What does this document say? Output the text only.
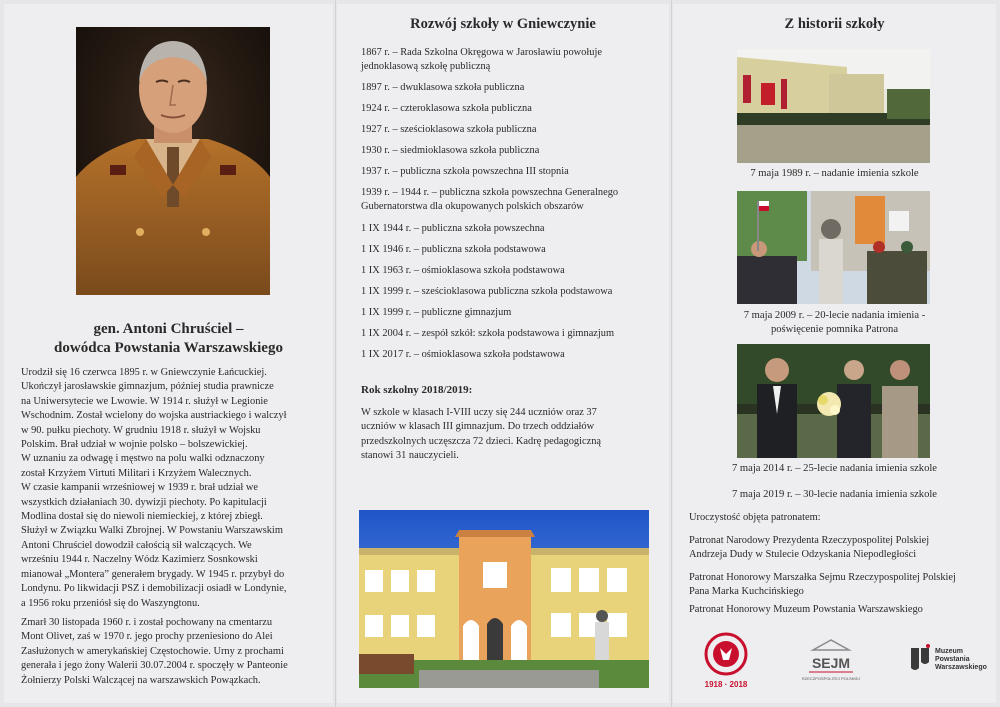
gen. Antoni Chruściel –
dowódca Powstania Warszawskiego
Urodził się 16 czerwca 1895 r. w Gniewczynie Łańcuckiej.
Ukończył jarosławskie gimnazjum, później studia prawnicze
na Uniwersytecie we Lwowie. W 1914 r. służył w Legionie
Wschodnim. Został wcielony do wojska austriackiego i walczył
w 90. pułku piechoty. W grudniu 1918 r. służył w Wojsku
Polskim. Brał udział w wojnie polsko – bolszewickiej.
W uznaniu za odwagę i męstwo na polu walki odznaczony
został Krzyżem Virtuti Militari i Krzyżem Walecznych.
W czasie kampanii wrześniowej w 1939 r. brał udział we
wszystkich działaniach 30. dywizji piechoty. Po kapitulacji
Modlina dostał się do niewoli niemieckiej, z której zbiegł.
Służył w Związku Walki Zbrojnej. W Powstaniu Warszawskim
Antoni Chruściel dowodził całością sił walczących. We
wrześniu 1944 r. Naczelny Wódz Kazimierz Sosnkowski
mianował „Montera” generałem brygady. W 1945 r. przybył do
Londynu. Po likwidacji PSZ i demobilizacji osiadł w Londynie,
a 1956 roku przeniósł się do Waszyngtonu.
Zmarł 30 listopada 1960 r. i został pochowany na cmentarzu
Mont Olivet, zaś w 1970 r. jego prochy przeniesiono do Alei
Zasłużonych w amerykańskiej Częstochowie. Urny z prochami
generała i jego żony Walerii 30.07.2004 r. spoczęły w Panteonie
Żołnierzy Polski Walczącej na warszawskich Powązkach.
Rozwój szkoły w Gniewczynie
1867 r. – Rada Szkolna Okręgowa w Jarosławiu powołuje jednoklasową szkołę publiczną
1897 r. – dwuklasowa szkoła publiczna
1924 r. – czteroklasowa szkoła publiczna
1927 r. – sześcioklasowa szkoła publiczna
1930 r. – siedmioklasowa szkoła publiczna
1937 r. – publiczna szkoła powszechna III stopnia
1939 r. – 1944 r. – publiczna szkoła powszechna Generalnego Gubernatorstwa dla okupowanych polskich obszarów
1 IX 1944 r. – publiczna szkoła powszechna
1 IX 1946 r. – publiczna szkoła podstawowa
1 IX 1963 r. – ośmioklasowa szkoła podstawowa
1 IX 1999 r. – sześcioklasowa publiczna szkoła podstawowa
1 IX 1999 r. – publiczne gimnazjum
1 IX 2004 r. – zespół szkół: szkoła podstawowa i gimnazjum
1 IX 2017 r. – ośmioklasowa szkoła podstawowa
Rok szkolny 2018/2019:
W szkole w klasach I-VIII uczy się 244 uczniów oraz 37
uczniów w klasach III gimnazjum. Do trzech oddziałów
przedszkolnych uczęszcza 72 dzieci. Kadrę pedagogiczną
stanowi 31 nauczycieli.
Z historii szkoły
7 maja 1989 r. – nadanie imienia szkole
7 maja 2009 r. – 20-lecie nadania imienia -
poświęcenie pomnika Patrona
7 maja 2014 r. – 25-lecie nadania imienia szkole
7 maja 2019 r. – 30-lecie nadania imienia szkole
Uroczystość objęta patronatem:
Patronat Narodowy Prezydenta Rzeczypospolitej Polskiej
Andrzeja Dudy w Stulecie Odzyskania Niepodległości
Patronat Honorowy Marszałka Sejmu Rzeczypospolitej Polskiej
Pana Marka Kuchcińskiego
Patronat Honorowy Muzeum Powstania Warszawskiego
1918 · 2018
SEJM
RZECZPOSPOLITEJ POLSKIEJ
Muzeum
Powstania
Warszawskiego
